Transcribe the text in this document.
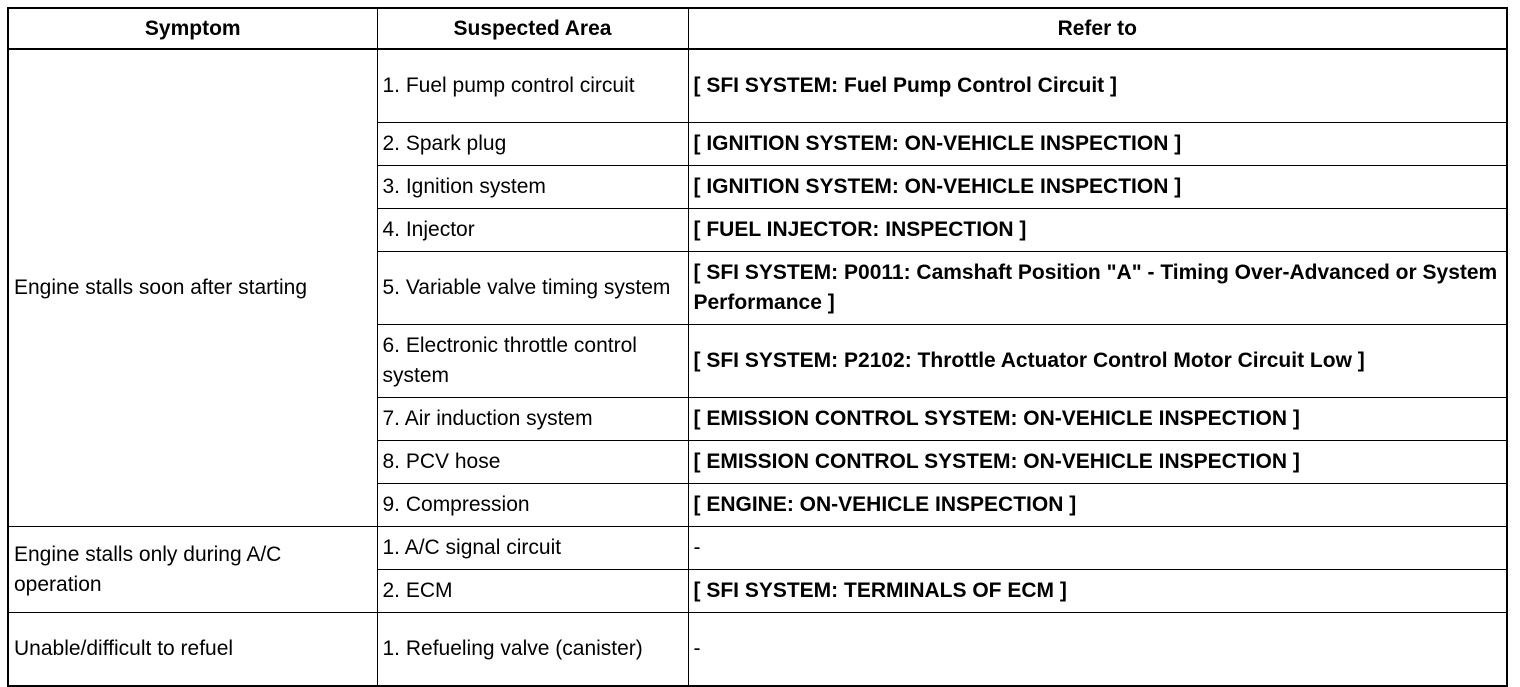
Symptom	Suspected Area	Refer to
Engine stalls soon after starting	1. Fuel pump control circuit	[ SFI SYSTEM: Fuel Pump Control Circuit ]
	2. Spark plug	[ IGNITION SYSTEM: ON-VEHICLE INSPECTION ]
	3. Ignition system	[ IGNITION SYSTEM: ON-VEHICLE INSPECTION ]
	4. Injector	[ FUEL INJECTOR: INSPECTION ]
	5. Variable valve timing system	[ SFI SYSTEM: P0011: Camshaft Position "A" - Timing Over-Advanced or System Performance ]
	6. Electronic throttle control system	[ SFI SYSTEM: P2102: Throttle Actuator Control Motor Circuit Low ]
	7. Air induction system	[ EMISSION CONTROL SYSTEM: ON-VEHICLE INSPECTION ]
	8. PCV hose	[ EMISSION CONTROL SYSTEM: ON-VEHICLE INSPECTION ]
	9. Compression	[ ENGINE: ON-VEHICLE INSPECTION ]
Engine stalls only during A/C operation	1. A/C signal circuit	-
	2. ECM	[ SFI SYSTEM: TERMINALS OF ECM ]
Unable/difficult to refuel	1. Refueling valve (canister)	-
